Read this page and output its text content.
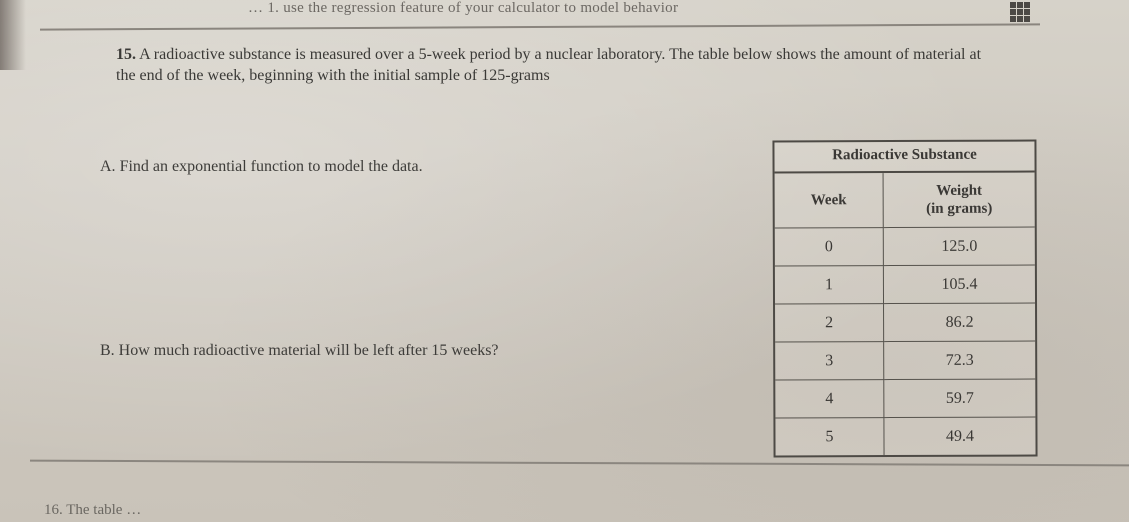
… 1. use the regression feature of your calculator to model behavior
15. A radioactive substance is measured over a 5-week period by a nuclear laboratory. The table below shows the amount of material at the end of the week, beginning with the initial sample of 125-grams
A. Find an exponential function to model the data.
B. How much radioactive material will be left after 15 weeks?
Radioactive Substance
Week	Weight
(in grams)
0	125.0
1	105.4
2	86.2
3	72.3
4	59.7
5	49.4
16. The table …
